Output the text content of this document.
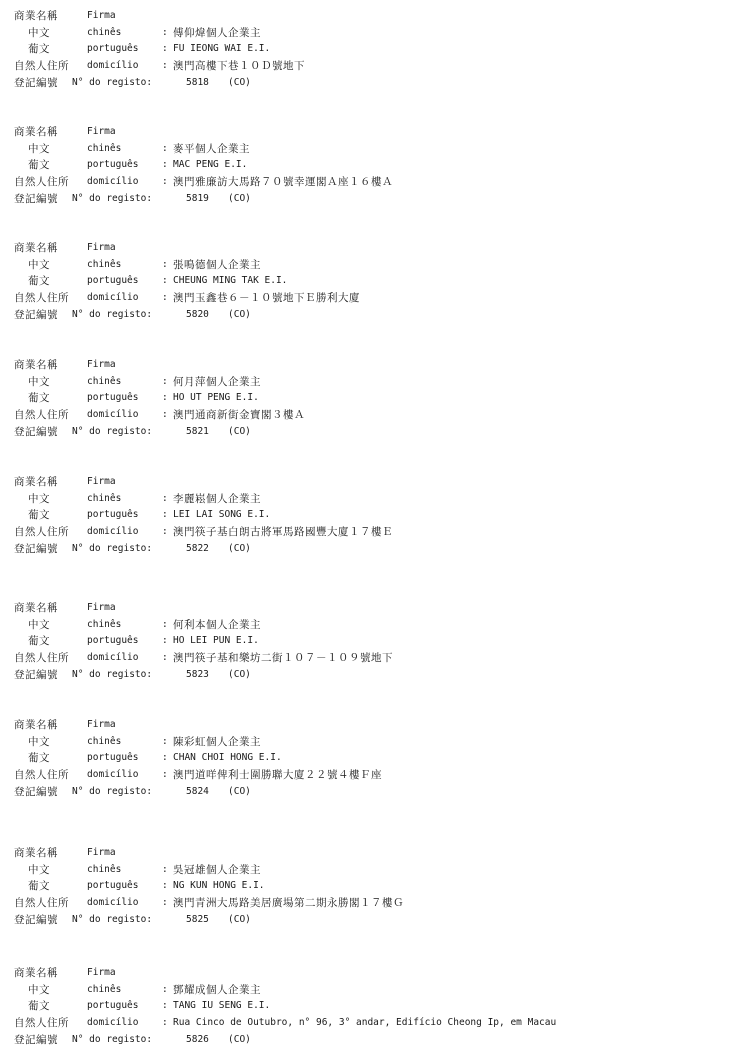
商業名稱	Firma
中文	chinês	: 傅仰煒個人企業主
葡文	português : FU IEONG WAI E.I.
自然人住所 domicílio : 澳門高樓下巷１０Ｄ號地下
登記編號 N° do registo:	5818 (CO)
商業名稱	Firma
中文	chinês	: 麥平個人企業主
葡文	português : MAC PENG E.I.
自然人住所 domicílio : 澳門雅廉訪大馬路７０號幸運閣Ａ座１６樓Ａ
登記編號 N° do registo:	5819 (CO)
商業名稱	Firma
中文	chinês	: 張鳴德個人企業主
葡文	português : CHEUNG MING TAK E.I.
自然人住所 domicílio : 澳門玉鑫巷６－１０號地下Ｅ勝利大廈
登記編號 N° do registo:	5820 (CO)
商業名稱	Firma
中文	chinês	: 何月萍個人企業主
葡文	português : HO UT PENG E.I.
自然人住所 domicílio : 澳門通商新街金寶閣３樓Ａ
登記編號 N° do registo:	5821 (CO)
商業名稱	Firma
中文	chinês	: 李麗崧個人企業主
葡文	português : LEI LAI SONG E.I.
自然人住所 domicílio : 澳門筷子基白朗古將軍馬路國豐大廈１７樓Ｅ
登記編號 N° do registo:	5822 (CO)
商業名稱	Firma
中文	chinês	: 何利本個人企業主
葡文	português : HO LEI PUN E.I.
自然人住所 domicílio : 澳門筷子基和樂坊二街１０７－１０９號地下
登記編號 N° do registo:	5823 (CO)
商業名稱	Firma
中文	chinês	: 陳彩虹個人企業主
葡文	português : CHAN CHOI HONG E.I.
自然人住所 domicílio : 澳門道咩俾利士圍勝聯大廈２２號４樓Ｆ座
登記編號 N° do registo:	5824 (CO)
商業名稱	Firma
中文	chinês	: 吳冠雄個人企業主
葡文	português : NG KUN HONG E.I.
自然人住所 domicílio : 澳門青洲大馬路美居廣場第二期永勝閣１７樓Ｇ
登記編號 N° do registo:	5825 (CO)
商業名稱	Firma
中文	chinês	: 鄧耀成個人企業主
葡文	português : TANG IU SENG E.I.
自然人住所 domicílio : Rua Cinco de Outubro, n° 96, 3° andar, Edifício Cheong Ip, em Macau
登記編號 N° do registo:	5826 (CO)
